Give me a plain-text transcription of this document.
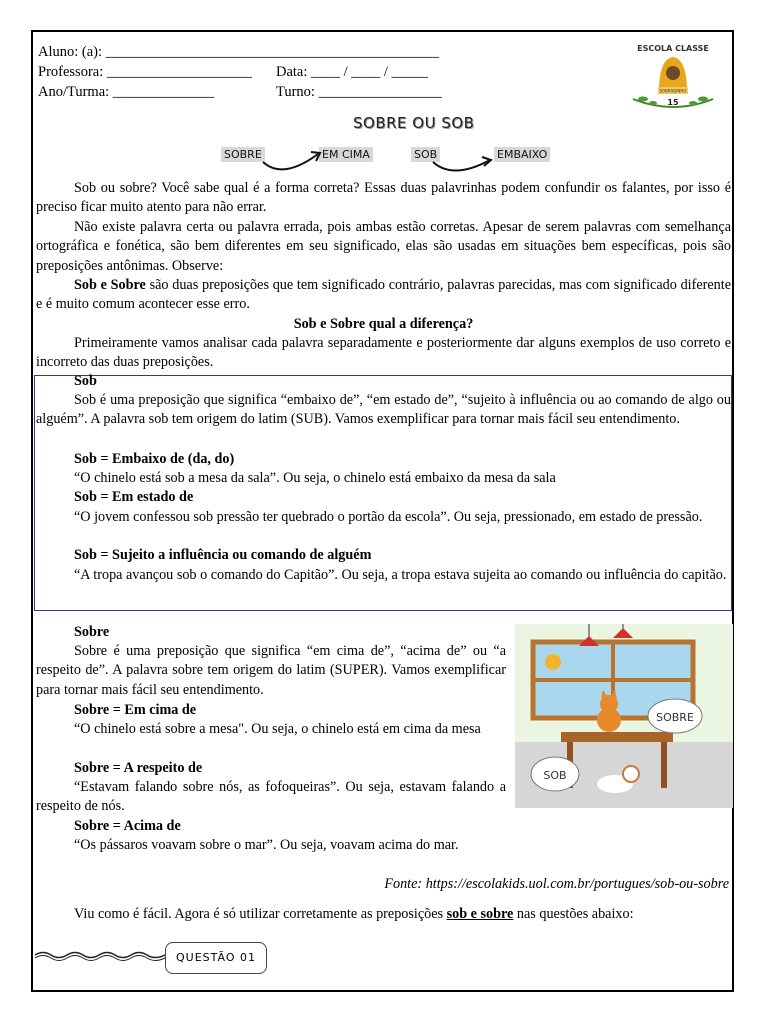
Aluno: (a): ______________________________________________
Professora: ____________________ Data: ____ / ____ / _____
Ano/Turma: ______________	Turno: _________________
ESCOLA CLASSE
SOBRADINHO
15
SOBRE OU SOB
SOBRE	EM CIMA	SOB	EMBAIXO
Sob ou sobre? Você sabe qual é a forma correta? Essas duas palavrinhas podem confundir os falantes, por isso é preciso ficar muito atento para não errar.
Não existe palavra certa ou palavra errada, pois ambas estão corretas. Apesar de serem palavras com semelhança ortográfica e fonética, são bem diferentes em seu significado, elas são usadas em situações bem específicas, pois são preposições antônimas. Observe:
Sob e Sobre são duas preposições que tem significado contrário, palavras parecidas, mas com significado diferente e é muito comum acontecer esse erro.
Sob e Sobre qual a diferença?
Primeiramente vamos analisar cada palavra separadamente e posteriormente dar alguns exemplos de uso correto e incorreto das duas preposições.
Sob
Sob é uma preposição que significa “embaixo de”, “em estado de”, “sujeito à influência ou ao comando de algo ou alguém”. A palavra sob tem origem do latim (SUB). Vamos exemplificar para tornar mais fácil seu entendimento.
Sob = Embaixo de (da, do)
“O chinelo está sob a mesa da sala”. Ou seja, o chinelo está embaixo da mesa da sala
Sob = Em estado de
“O jovem confessou sob pressão ter quebrado o portão da escola”. Ou seja, pressionado, em estado de pressão.
Sob = Sujeito a influência ou comando de alguém
“A tropa avançou sob o comando do Capitão”. Ou seja, a tropa estava sujeita ao comando ou influência do capitão.
Sobre
Sobre é uma preposição que significa “em cima de”, “acima de” ou “a respeito de”. A palavra sobre tem origem do latim (SUPER). Vamos exemplificar para tornar mais fácil seu entendimento.
Sobre = Em cima de
“O chinelo está sobre a mesa". Ou seja, o chinelo está em cima da mesa
Sobre = A respeito de
“Estavam falando sobre nós, as fofoqueiras”. Ou seja, estavam falando a respeito de nós.
Sobre = Acima de
“Os pássaros voavam sobre o mar”. Ou seja, voavam acima do mar.
SOBRE
SOB
Fonte: https://escolakids.uol.com.br/portugues/sob-ou-sobre
Viu como é fácil. Agora é só utilizar corretamente as preposições sob e sobre nas questões abaixo:
QUESTÃO 01
